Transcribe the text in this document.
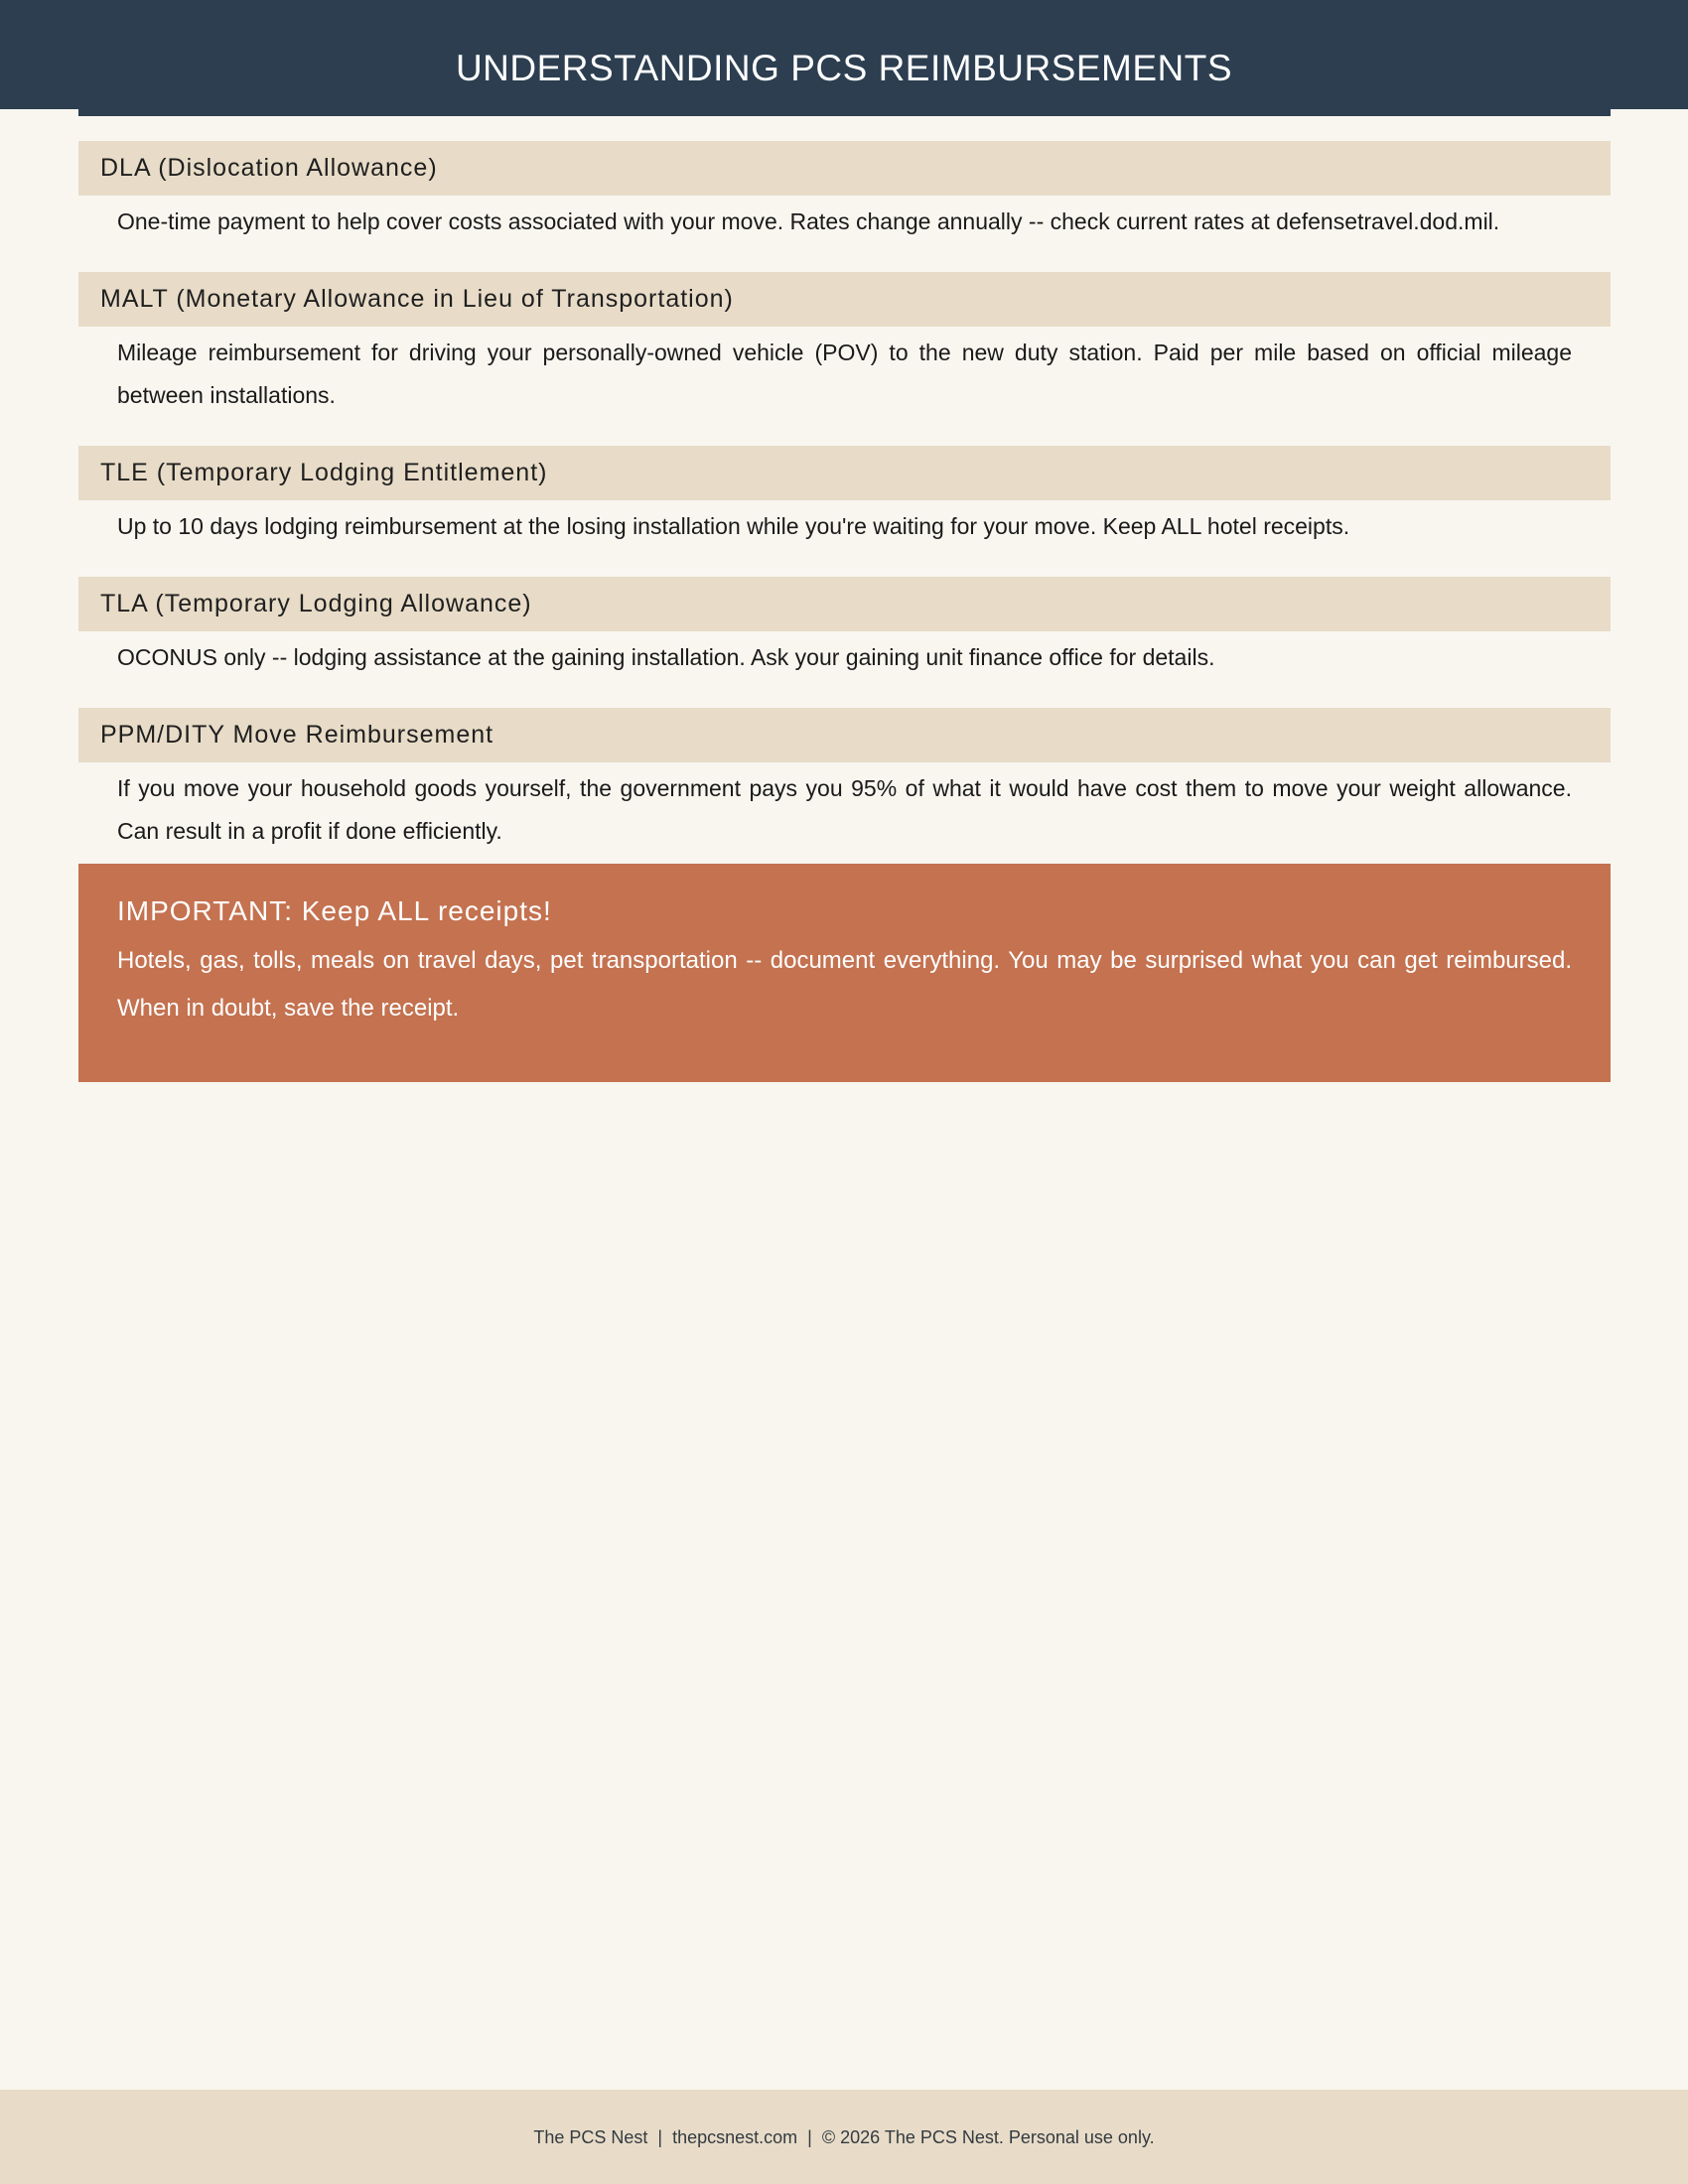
UNDERSTANDING PCS REIMBURSEMENTS
DLA (Dislocation Allowance)

One-time payment to help cover costs associated with your move. Rates change annually -- check current rates at defensetravel.dod.mil.

MALT (Monetary Allowance in Lieu of Transportation)

Mileage reimbursement for driving your personally-owned vehicle (POV) to the new duty station. Paid per mile based on official mileage between installations.

TLE (Temporary Lodging Entitlement)

Up to 10 days lodging reimbursement at the losing installation while you're waiting for your move. Keep ALL hotel receipts.

TLA (Temporary Lodging Allowance)

OCONUS only -- lodging assistance at the gaining installation. Ask your gaining unit finance office for details.

PPM/DITY Move Reimbursement

If you move your household goods yourself, the government pays you 95% of what it would have cost them to move your weight allowance. Can result in a profit if done efficiently.

IMPORTANT: Keep ALL receipts!

Hotels, gas, tolls, meals on travel days, pet transportation -- document everything. You may be surprised what you can get reimbursed. When in doubt, save the receipt.

The PCS Nest  |  thepcsnest.com  |  © 2026 The PCS Nest. Personal use only.
